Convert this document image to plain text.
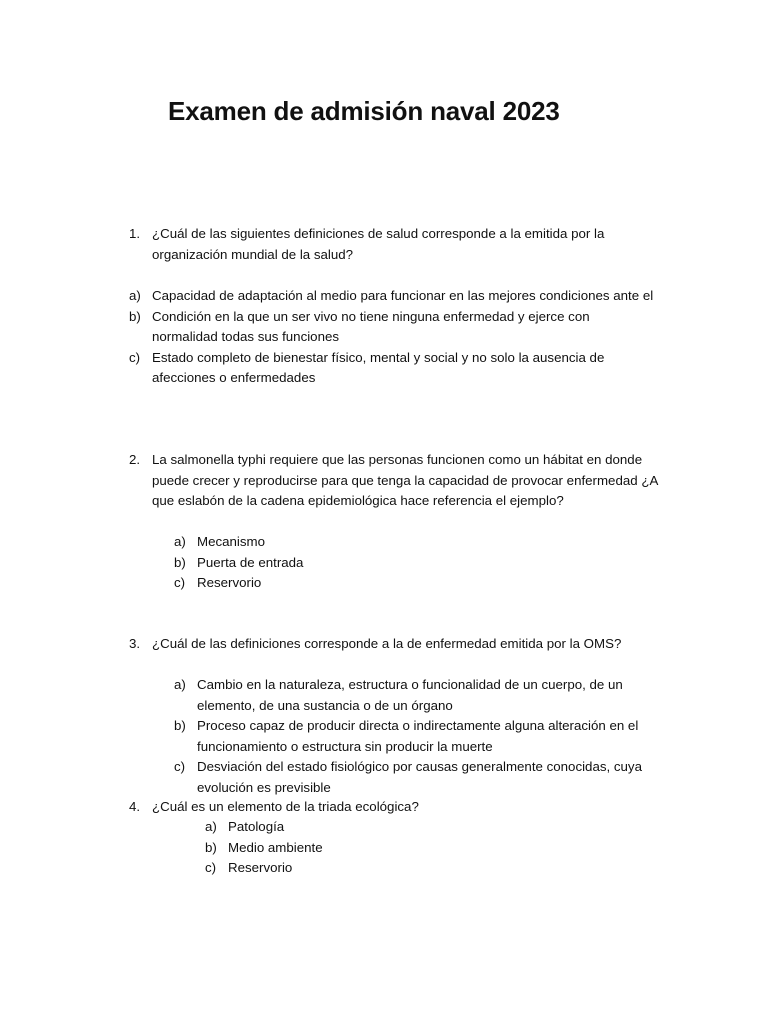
Examen de admisión naval 2023
1. ¿Cuál de las siguientes definiciones de salud corresponde a la emitida por la organización mundial de la salud?
a) Capacidad de adaptación al medio para funcionar en las mejores condiciones ante el
b) Condición en la que un ser vivo no tiene ninguna enfermedad y ejerce con normalidad todas sus funciones
c) Estado completo de bienestar físico, mental y social y no solo la ausencia de afecciones o enfermedades
2. La salmonella typhi requiere que las personas funcionen como un hábitat en donde puede crecer y reproducirse para que tenga la capacidad de provocar enfermedad ¿A que eslabón de la cadena epidemiológica hace referencia el ejemplo?
a) Mecanismo
b) Puerta de entrada
c) Reservorio
3. ¿Cuál de las definiciones corresponde a la de enfermedad emitida por la OMS?
a) Cambio en la naturaleza, estructura o funcionalidad de un cuerpo, de un elemento, de una sustancia o de un órgano
b) Proceso capaz de producir directa o indirectamente alguna alteración en el funcionamiento o estructura sin producir la muerte
c) Desviación del estado fisiológico por causas generalmente conocidas, cuya evolución es previsible
4. ¿Cuál es un elemento de la triada ecológica?
a) Patología
b) Medio ambiente
c) Reservorio
